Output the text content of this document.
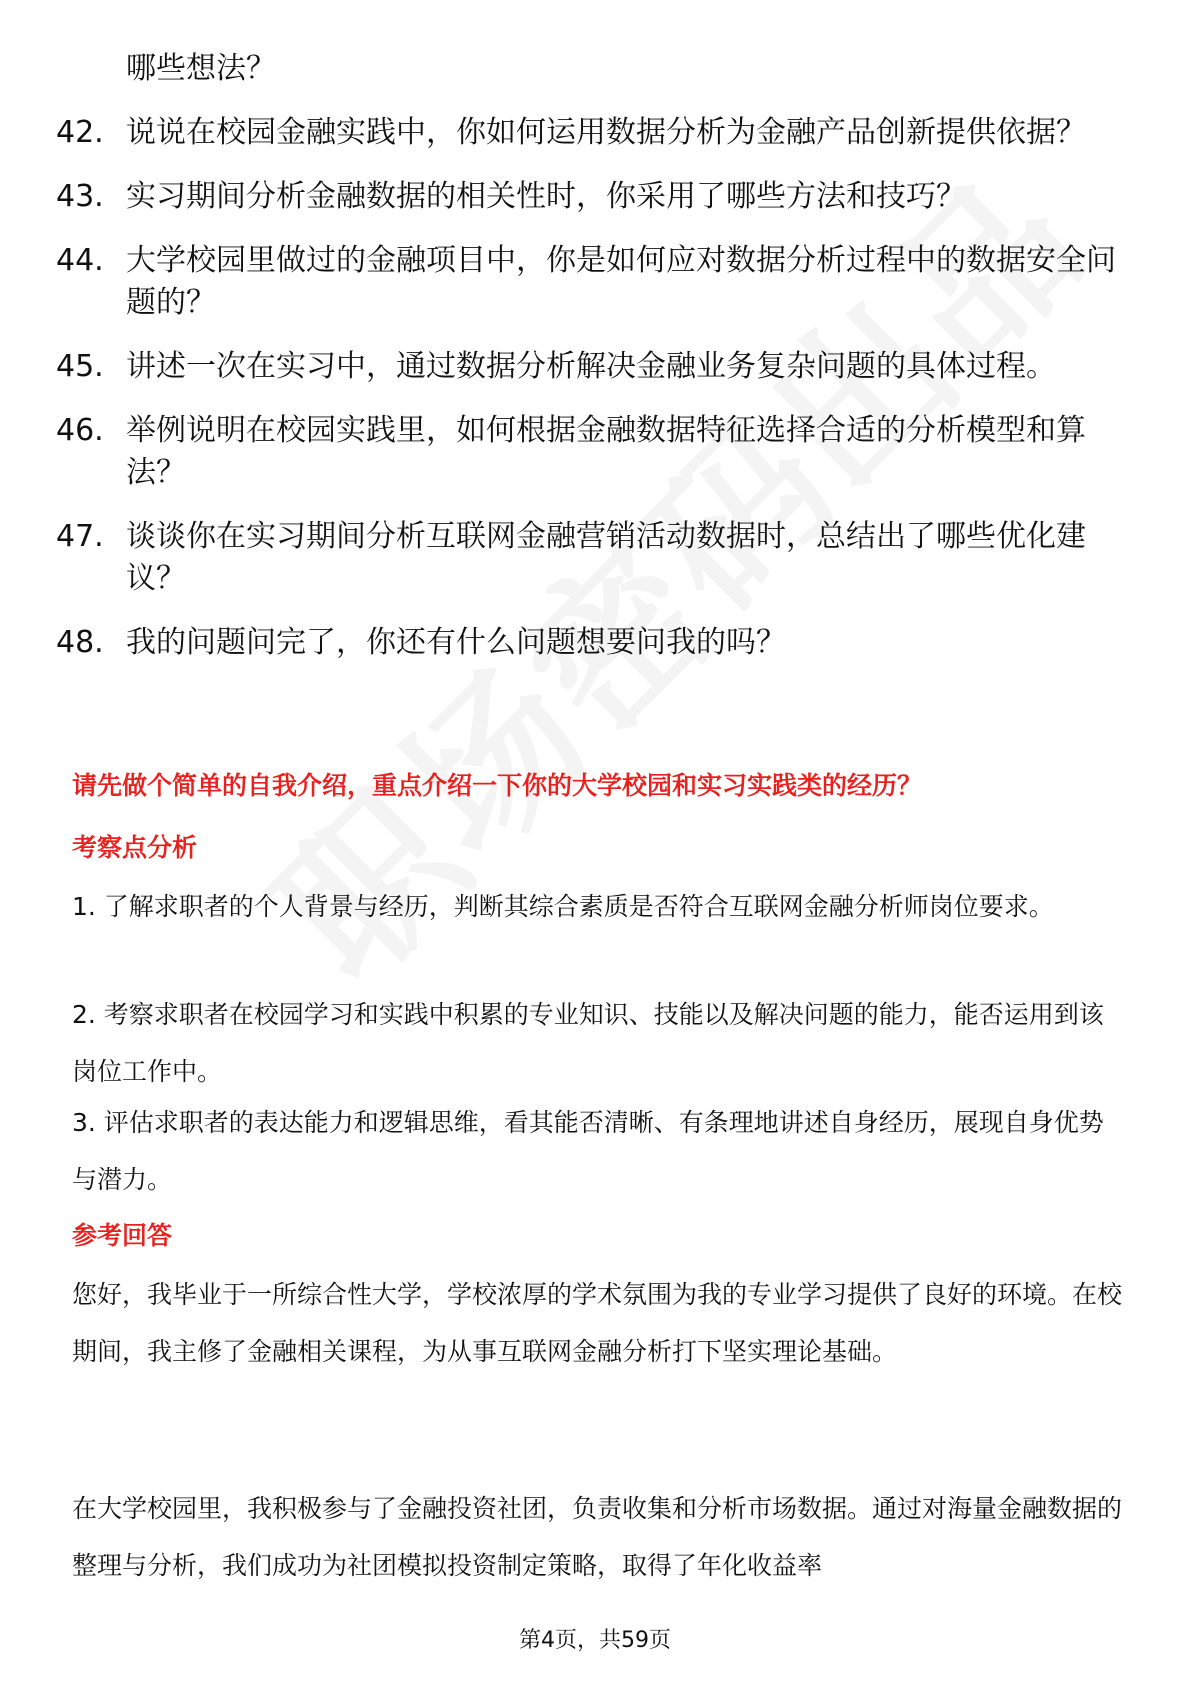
哪些想法？
42. 说说在校园金融实践中，你如何运用数据分析为金融产品创新提供依据？
43. 实习期间分析金融数据的相关性时，你采用了哪些方法和技巧？
44. 大学校园里做过的金融项目中，你是如何应对数据分析过程中的数据安全问题的？
45. 讲述一次在实习中，通过数据分析解决金融业务复杂问题的具体过程。
46. 举例说明在校园实践里，如何根据金融数据特征选择合适的分析模型和算法？
47. 谈谈你在实习期间分析互联网金融营销活动数据时，总结出了哪些优化建议？
48. 我的问题问完了，你还有什么问题想要问我的吗？
请先做个简单的自我介绍，重点介绍一下你的大学校园和实习实践类的经历？
考察点分析
1. 了解求职者的个人背景与经历，判断其综合素质是否符合互联网金融分析师岗位要求。
2. 考察求职者在校园学习和实践中积累的专业知识、技能以及解决问题的能力，能否运用到该岗位工作中。
3. 评估求职者的表达能力和逻辑思维，看其能否清晰、有条理地讲述自身经历，展现自身优势与潜力。
参考回答
您好，我毕业于一所综合性大学，学校浓厚的学术氛围为我的专业学习提供了良好的环境。在校期间，我主修了金融相关课程，为从事互联网金融分析打下坚实理论基础。
在大学校园里，我积极参与了金融投资社团，负责收集和分析市场数据。通过对海量金融数据的整理与分析，我们成功为社团模拟投资制定策略，取得了年化收益率
第4页，共59页
